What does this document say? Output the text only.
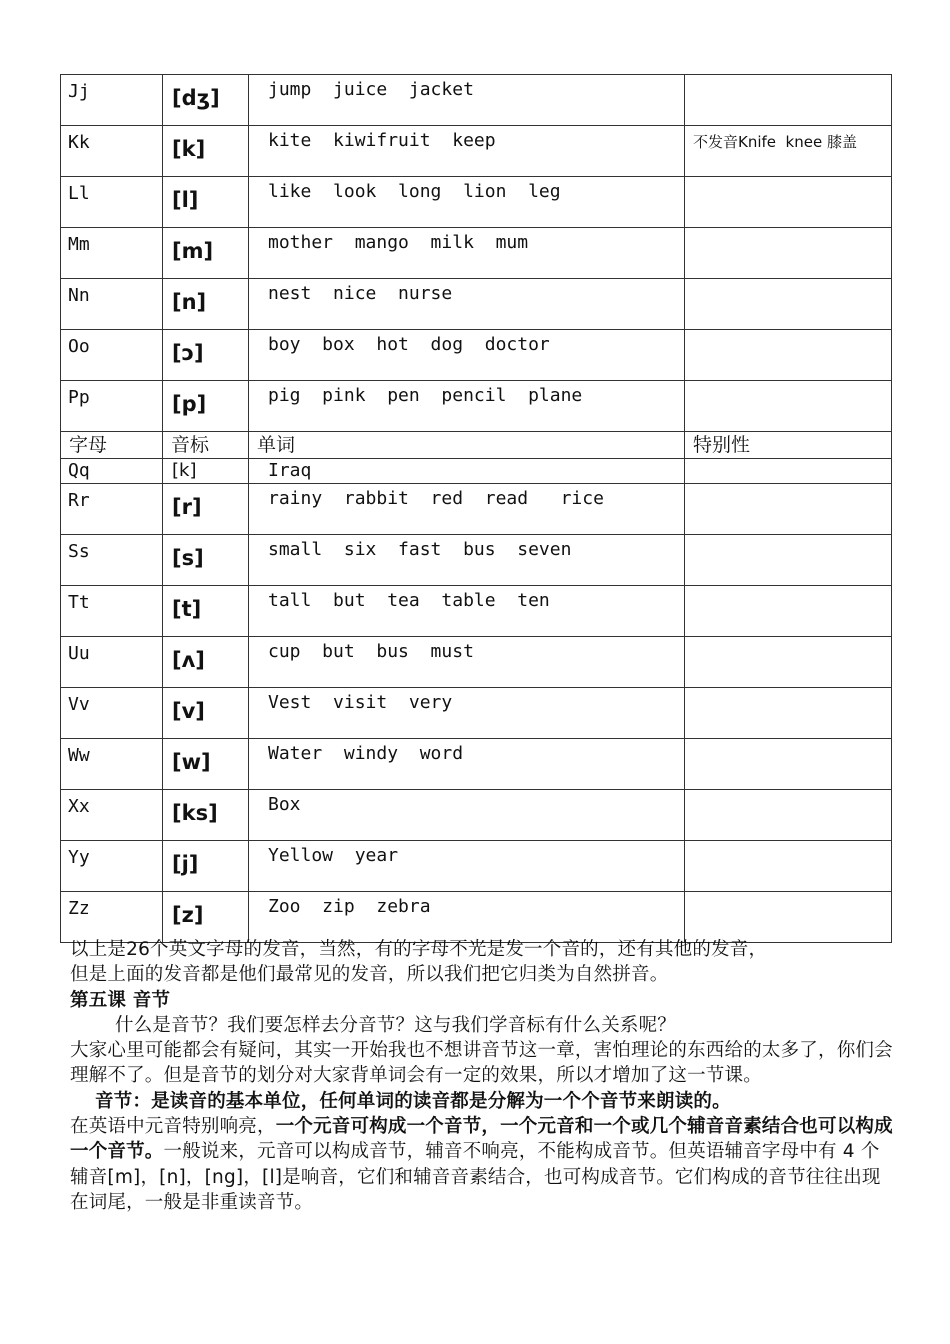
Jj	[dʒ]	jump  juice  jacket	

Kk	[k]	kite  kiwifruit  keep	不发音Knife  knee 膝盖

Ll	[l]	like  look  long  lion  leg	

Mm	[m]	mother  mango  milk  mum	

Nn	[n]	nest  nice  nurse	

Oo	[ɔ]	boy  box  hot  dog  doctor	

Pp	[p]	pig  pink  pen  pencil  plane	

字母	音标	单词	特别性

Qq	[k]	Iraq	

Rr	[r]	rainy  rabbit  red  read   rice	

Ss	[s]	small  six  fast  bus  seven	

Tt	[t]	tall  but  tea  table  ten	

Uu	[ʌ]	cup  but  bus  must	

Vv	[v]	Vest  visit  very	

Ww	[w]	Water  windy  word	

Xx	[ks]	Box	

Yy	[j]	Yellow  year	

Zz	[z]	Zoo  zip  zebra	

以上是26个英文字母的发音，当然，有的字母不光是发一个音的，还有其他的发音，

但是上面的发音都是他们最常见的发音，所以我们把它归类为自然拼音。

第五课 音节

什么是音节？我们要怎样去分音节？这与我们学音标有什么关系呢？

大家心里可能都会有疑问，其实一开始我也不想讲音节这一章，害怕理论的东西给的太多了，你们会理解不了。但是音节的划分对大家背单词会有一定的效果，所以才增加了这一节课。

音节：是读音的基本单位，任何单词的读音都是分解为一个个音节来朗读的。

在英语中元音特别响亮，一个元音可构成一个音节，一个元音和一个或几个辅音音素结合也可以构成一个音节。一般说来，元音可以构成音节，辅音不响亮，不能构成音节。但英语辅音字母中有 4 个辅音[m]，[n]，[ng]，[l]是响音，它们和辅音音素结合，也可构成音节。它们构成的音节往往出现在词尾，一般是非重读音节。
